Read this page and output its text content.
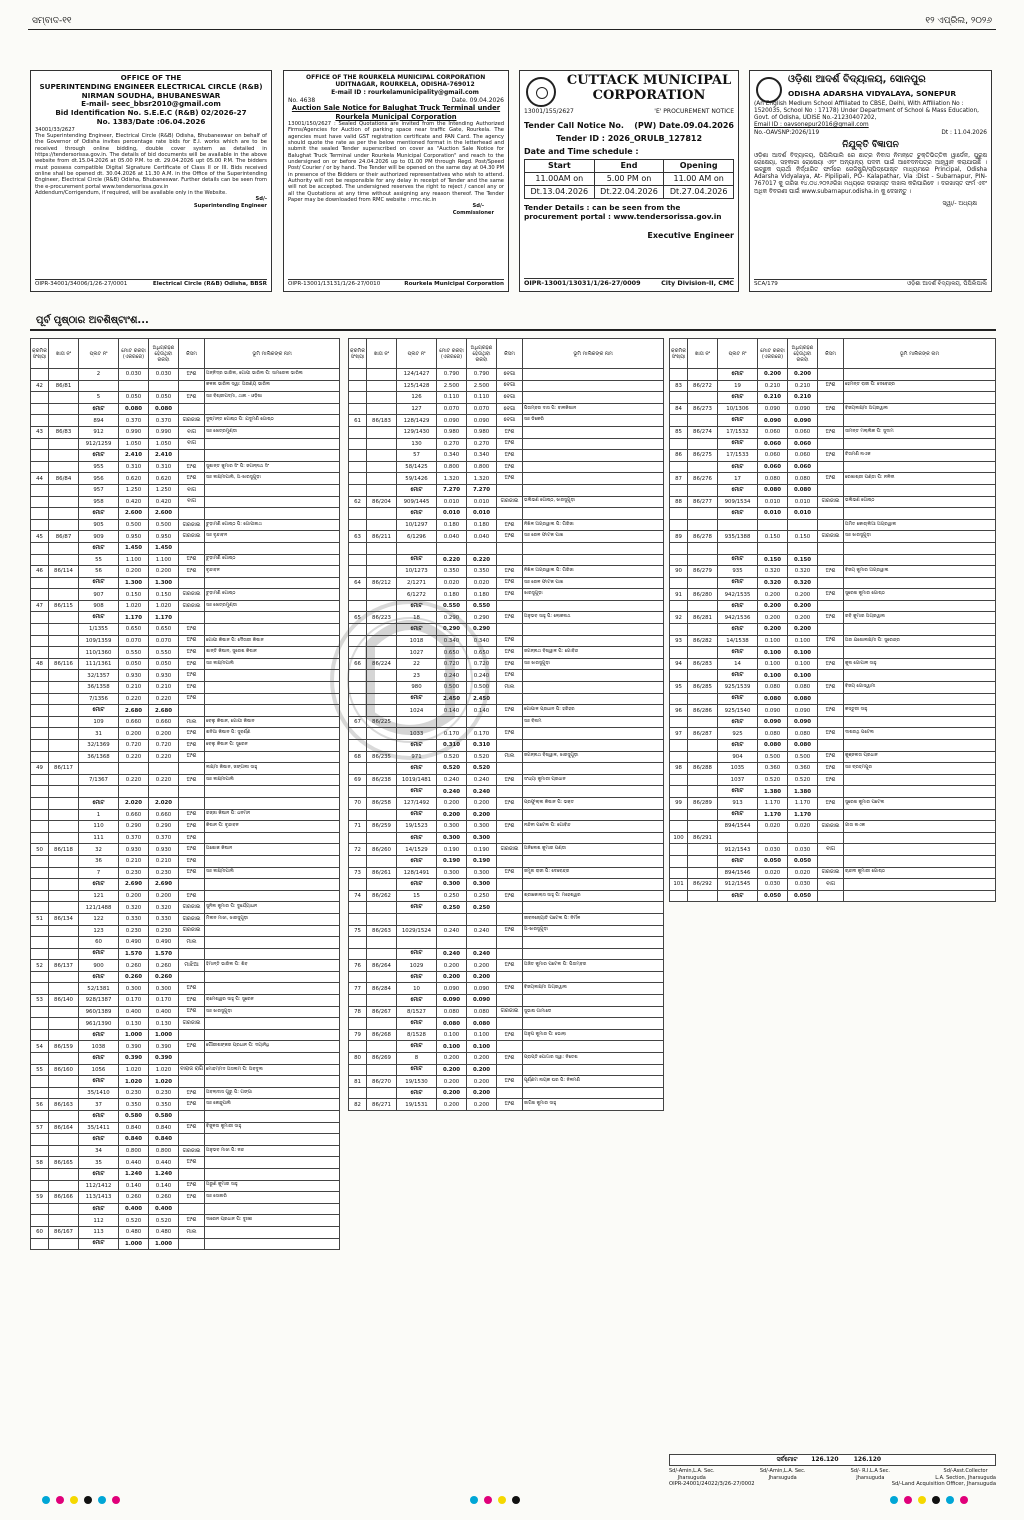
ସମ୍ବାଦ-୧୧	୧୨ ଏପ୍ରିଲ, ୨୦୨୬
OFFICE OF THE
SUPERINTENDING ENGINEER ELECTRICAL CIRCLE (R&B)
NIRMAN SOUDHA, BHUBANESWAR
E-mail- seec_bbsr2010@gmail.com
Bid Identification No. S.E.E.C (R&B) 02/2026-27
No. 1383/Date :06.04.2026
34001/33/2627
The Superintending Engineer, Electrical Circle (R&B) Odisha, Bhubaneswar on behalf of the Governor of Odisha invites percentage rate bids for E.I. works which are to be received through online bidding, double cover system as detailed in https://tendersorissa.gov.in. The details of bid documents will be available in the above website from dt.15.04.2026 at 05.00 P.M. to dt. 29.04.2026 upt 05.00 P.M. The bidders must possess compatible Digital Signature Certificate of Class II or III. Bids received online shall be opened dt. 30.04.2026 at 11.30 A.M. in the Office of the Superintending Engineer, Electrical Circle (R&B) Odisha, Bhubaneswar. Further details can be seen from the e-procurement portal www.tendersorissa.gov.in
Addendum/Corrigendum, if required, will be available only in the Website.
Sd/-
Superintending Engineer
OIPR-34001/34006/1/26-27/0001	Electrical Circle (R&B) Odisha, BBSR
OFFICE OF THE ROURKELA MUNICIPAL CORPORATION
UDITNAGAR, ROURKELA, ODISHA-769012
E-mail ID : rourkelamunicipality@gmail.com
No. 4638	Date. 09.04.2026
Auction Sale Notice for Balughat Truck Terminal under Rourkela Municipal Corporation
13001/150/2627 : Sealed Quotations are invited from the Intending Authorized Firms/Agencies for Auction of parking space near traffic Gate, Rourkela. The agencies must have valid GST registration certificate and PAN Card. The agency should quote the rate as per the below mentioned format in the letterhead and submit the sealed Tender superscribed on cover as "Auction Sale Notice for Balughat Truck Terminal under Rourkela Municipal Corporation" and reach to the undersigned on or before 24.04.2026 up to 01.00 PM through Regd. Post/Speed Post/ Courier / or by hand. The Tender will be opened on the same day at 04.30 PM in presence of the Bidders or their authorized representatives who wish to attend. Authority will not be responsible for any delay in receipt of Tender and the same will not be accepted. The undersigned reserves the right to reject / cancel any or all the Quotations at any time without assigning any reason thereof. The Tender Paper may be downloaded from RMC website : rmc.nic.in
Sd/-
Commissioner
OIPR-13001/13131/1/26-27/0010	Rourkela Municipal Corporation
CUTTACK MUNICIPAL
CORPORATION
13001/155/2627	'E' PROCUREMENT NOTICE
Tender Call Notice No. (PW) Date.09.04.2026
Tender ID : 2026_ORULB_127812
Date and Time schedule :
Start	End	Opening
11.00AM on	5.00 PM on	11.00 AM on
Dt.13.04.2026	Dt.22.04.2026	Dt.27.04.2026
Tender Details : can be seen from the procurement portal : www.tendersorissa.gov.in
Executive Engineer
OIPR-13001/13031/1/26-27/0009	City Division-II, CMC
ଓଡ଼ିଶା ଆଦର୍ଶ ବିଦ୍ୟାଳୟ, ସୋନପୁର
ODISHA ADARSHA VIDYALAYA, SONEPUR
(An English Medium School Affiliated to CBSE, Delhi, With Affiliation No : 1520035, School No : 17178) Under Department of School & Mass Education, Govt. of Odisha, UDISE No.-21230407202,
Email ID : oavsonepur2016@gmail.com
No.-OAVSNP:2026/119	Dt : 11.04.2026
ନିଯୁକ୍ତି ବିଜ୍ଞାପନ
ଓଡ଼ିଶା ଆଦର୍ଶ ବିଦ୍ୟାଳୟ, ପିପିଲିପାଲି ରେ ଛାତ୍ର ନିବାସ ନିମନ୍ତେ ଚୁକ୍ତିଭିତ୍ତିକ ୱାର୍ଡେନ, ପୁରୁଷ ରୋଷେୟା, ସହକାରୀ ରୋଷେୟା ଏବଂ ଅନ୍ୟାନ୍ୟ ପଦବୀ ପାଇଁ ଆବେଦନପତ୍ର ଆହ୍ୱାନ କରାଯାଉଛି । ଇଚ୍ଛୁକ ପ୍ରାର୍ଥୀ ନିର୍ଦ୍ଧାରିତ ଫର୍ମରେ ରେଜିଷ୍ଟ୍ରି/ସ୍ପିଡ୍‌ପୋଷ୍ଟ ମାଧ୍ୟମରେ Principal, Odisha Adarsha Vidyalaya, At- Pipilipali, PO- Kalapathar, Via :Dist - Subarnapur, PIN- 767017 କୁ ତାରିଖ ୧୪.୦୪.୨୦୨୬ରିଖ ମଧ୍ୟରେ ଦରଖାସ୍ତ ଦାଖଲ କରିପାରିବେ । ଦରଖାସ୍ତ ଫର୍ମ ଏବଂ ଅଧିକ ବିବରଣୀ ପାଇଁ www.subarnapur.odisha.in କୁ ଦେଖନ୍ତୁ ।
ସ୍ୱା/- ଅଧ୍ୟକ୍ଷ
SCA/179	ଓଡ଼ିଶା ଆଦର୍ଶ ବିଦ୍ୟାଳୟ, ପିପିଲିପାଲି
ପୂର୍ବ ପୃଷ୍ଠାର ଅବଶିଷ୍ଟାଂଶ...
କ୍ରମିକ ସଂଖ୍ୟା	ଖାତା ନଂ	ପ୍ଲଟ ନଂ	ମୋଟ ରକବା (ଏକରରେ)	ଅଧିଗ୍ରହଣ ହେଉଥିବା ରକବା	କିସମ	ଭୂମି ମାଲିକଙ୍କ ନାମ
		2	0.030	0.030	ଅଂଶ	ଅନ୍ନିଦ୍ର ଭାରିଲ, ଗୋପୀ ଭାରିଲ ପି: ସାମରେଲ ଭାରିଲ
42	86/81					କଳନା ଭାରିଲ ସ୍ୱା: ଅରଣ୍ୟ ଭାରିଲ
		5	0.050	0.050	ଅଂଶ	ସାଃ ବିଶ୍ରୀପଦ୍ମା, ଥାନା - ଓଡ଼ିଶା
		ମୋଟ	0.080	0.080		
		894	0.370	0.370	ଗରଜାଇ	ଦୁଷ୍ମନ୍ତ ଗୋଷ୍ଠ ପି: ଯଦୁମଣି ଗୋଷ୍ଠ
43	86/83	912	0.990	0.990	ବାଗ	ସାଃ ଖେତ୍ରମୁଣ୍ଡା
		912/1259	1.050	1.050	ବାଗ	
		ମୋଟ	2.410	2.410		
		955	0.310	0.310	ଅଂଶ	ସୁଶାନ୍ତ କୁମାର ସିଂ ପି: ଜଗନ୍ନାଥ ସିଂ
44	86/84	956	0.620	0.620	ଅଂଶ	ସାଃ ଲକ୍ଷ୍ମୀପାଲି, ଅ-ଝାରସୁଗୁଡ଼ା
		957	1.250	1.250	ବାଗ	
		958	0.420	0.420	ବାଗ	
		ମୋଟ	2.600	2.600		
		905	0.500	0.500	ଗରଜାଇ	ଚୁଡ଼ାମଣି ଗୋଷ୍ଠ ପି: ଗୋପୀନାଥ
45	86/87	909	0.950	0.950	ଗରଜାଇ	ସାଃ ବୃନ୍ଦାବନ
		ମୋଟ	1.450	1.450		
		55	1.100	1.100	ଅଂଶ	ଚୁଡ଼ାମଣି ଗୋଷ୍ଠ
46	86/114	56	0.200	0.200	ଅଂଶ	ବୃନ୍ଦାବନ
		ମୋଟ	1.300	1.300		
		907	0.150	0.150	ଗରଜାଇ	ଚୁଡ଼ାମଣି ଗୋଷ୍ଠ
47	86/115	908	1.020	1.020	ଗରଜାଇ	ସାଃ ଖେତ୍ରମୁଣ୍ଡା
		ମୋଟ	1.170	1.170		
		1/1355	0.650	0.650	ଅଂଶ	
		109/1359	0.070	0.070	ଅଂଶ	ଗୋପୀ କିଷାନ ପି: ଦୈତାରୀ କିଷାନ
		110/1360	0.550	0.550	ଅଂଶ	ଶାନ୍ତି କିଷାନ, ସୁରେଶ କିଷାନ
48	86/116	111/1361	0.050	0.050	ଅଂଶ	ସାଃ ଲକ୍ଷ୍ମୀପାଲି
		32/1357	0.930	0.930	ଅଂଶ	
		36/1358	0.210	0.210	ଅଂଶ	
		7/1356	0.220	0.220	ଅଂଶ	
		ମୋଟ	2.680	2.680		
		109	0.660	0.660	ମାଲ	ବେଲୁ କିଷାନ, ଗୋପୀ କିଷାନ
		31	0.200	0.200	ଅଂଶ	ଶନିଆ କିଷାନ ପି: ସୁବର୍ଣ୍ଣ
		32/1369	0.720	0.720	ଅଂଶ	ବେଲୁ କିଷାନ ପି: ସୁରେନ
		36/1368	0.220	0.220	ଅଂଶ	
49	86/117					ଲକ୍ଷ୍ମୀ କିଷାନ, ଜଙ୍ଗଲୀ ସାହୁ
		7/1367	0.220	0.220	ଅଂଶ	ସାଃ ଲକ୍ଷ୍ମୀପାଲି

		ମୋଟ	2.020	2.020		
		1	0.660	0.660	ଅଂଶ	ରଜ୍ଜା କିଷାନ ପି: ଧନମନ
		110	0.290	0.290	ଅଂଶ	କିଷାନ ପି: ବୃନ୍ଦାବନ
		111	0.370	0.370	ଅଂଶ	
50	86/118	32	0.930	0.930	ଅଂଶ	ଅଶୋକ କିଷାନ
		36	0.210	0.210	ଅଂଶ	
		7	0.230	0.230	ଅଂଶ	ସାଃ ଲକ୍ଷ୍ମୀପାଲି
		ମୋଟ	2.690	2.690		
		121	0.200	0.200	ଅଂଶ	
		121/1488	0.320	0.320	ଗରଜାଇ	ସୁନିଲ କୁମାର ପି: ଦୁର୍ଯ୍ୟୋଧନ
51	86/134	122	0.330	0.330	ଗରଜାଇ	ମିଲନ ମାଝୀ, ଝାରସୁଗୁଡ଼ା
		123	0.230	0.230	ଗରଜାଇ	
		60	0.490	0.490	ମାଲ	
		ମୋଟ	1.570	1.570		
52	86/137	900	0.260	0.260	ମାଝିଆ	ହିମାନ୍ତି ଭାରିଲ ପି: ଶିବ
		ମୋଟ	0.260	0.260		
		52/1381	0.300	0.300	ଅଂଶ	
53	86/140	928/1387	0.170	0.170	ଅଂଶ	ରାମେଶ୍ୱର ସାହୁ ପି: ସୁରେନ
		960/1389	0.400	0.400	ଅଂଶ	ସାଃ ଝାରସୁଗୁଡ଼ା
		961/1390	0.130	0.130	ଗରଜାଇ	
		ମୋଟ	1.000	1.000		
54	86/159	1038	0.390	0.390	ଅଂଶ	ଗୌରୀଶଙ୍କର ପ୍ରଧାନ ପି: ଦୟାନିଧି
		ମୋଟ	0.390	0.390		
55	86/160	1056	1.020	1.020	ବାରାଜ ରାଗି	ମୋହମ୍ମଦ ଅସଲମ ପି: ଅବଦୁଲ
		ମୋଟ	1.020	1.020		
		35/1410	0.230	0.230	ଅଂଶ	ଅବଲାଦାସ ଗୁରୁ ପି: ଗଙ୍ଗା
56	86/163	37	0.350	0.350	ଅଂଶ	ସାଃ କେନ୍ଦୁପାଲି
		ମୋଟ	0.580	0.580		
57	86/164	35/1411	0.840	0.840	ଅଂଶ	ବିଜୁଳତା କୁମାରୀ ସାହୁ
		ମୋଟ	0.840	0.840		
		34	0.800	0.800	ଗରଜାଇ	ଅନୁଭବ ମାଝୀ ପି: ନନ୍ଦ
58	86/165	35	0.440	0.440	ଅଂଶ	
		ମୋଟ	1.240	1.240		
		112/1412	0.140	0.140	ଅଂଶ	ଅରୁଣ କୁମାର ସାହୁ
59	86/166	113/1413	0.260	0.260	ଅଂଶ	ସାଃ ସୋନାରି
		ମୋଟ	0.400	0.400		
		112	0.520	0.520	ଅଂଶ	ଦାରେନ ପ୍ରଧାନ ପି: ଦୁଃଖୀ
60	86/167	113	0.480	0.480	ମାଲ	
		ମୋଟ	1.000	1.000		
କ୍ରମିକ ସଂଖ୍ୟା	ଖାତା ନଂ	ପ୍ଲଟ ନଂ	ମୋଟ ରକବା (ଏକରରେ)	ଅଧିଗ୍ରହଣ ହେଉଥିବା ରକବା	କିସମ	ଭୂମି ମାଲିକଙ୍କ ନାମ
		124/1427	0.790	0.790	ବେଗା	
		125/1428	2.500	2.500	ବେଗା	
		126	0.110	0.110	ବେଗା	
		127	0.070	0.070	ବେଗା	ପିତାମ୍ବର ଦାସ ପି: ବାଳକିଶାନ
61	86/183	128/1429	0.090	0.090	ବେଗା	ସାଃ ଡିକେରି
		129/1430	0.980	0.980	ଅଂଶ	
		130	0.270	0.270	ଅଂଶ	
		57	0.340	0.340	ଅଂଶ	
		58/1425	0.800	0.800	ଅଂଶ	
		59/1426	1.320	1.320	ଅଂଶ	
		ମୋଟ	7.270	7.270		
62	86/204	909/1445	0.010	0.010	ଗରଜାଇ	ଭଲିଭଣ ଗୋଷ୍ଠ, ଝାରସୁଗୁଡ଼ା
		ମୋଟ	0.010	0.010		
		10/1297	0.180	0.180	ଅଂଶ	ନିଖିଳ ଅଗ୍ରୱାଲ ପି: ଗିରିଜା
63	86/211	6/1296	0.040	0.040	ଅଂଶ	ସାଃ ରେଳ ଫାଟକ ପାଖ

		ମୋଟ	0.220	0.220		
		10/1273	0.350	0.350	ଅଂଶ	ନିଖିଳ ଅଗ୍ରୱାଲ ପି: ଗିରିଜା
64	86/212	2/1271	0.020	0.020	ଅଂଶ	ସାଃ ରେଳ ଫାଟକ ପାଖ
		6/1272	0.180	0.180	ଅଂଶ	ଝାରସୁଗୁଡ଼ା
		ମୋଟ	0.550	0.550		
65	86/223	18	0.290	0.290	ଅଂଶ	ଅନୁଭବ ସାହୁ ପି: ଲୋକନାଥ
		ମୋଟ	0.290	0.290		
		1018	0.340	0.340	ଅଂଶ	
		1027	0.650	0.650	ଅଂଶ	ଜଗନ୍ନାଥ ବିଶ୍ୱାଳ ପି: ଗୋବିନ୍ଦ
66	86/224	22	0.720	0.720	ଅଂଶ	ସାଃ ଝାରସୁଗୁଡ଼ା
		23	0.240	0.240	ଅଂଶ	
		980	0.500	0.500	ମାଲ	
		ମୋଟ	2.450	2.450		
		1024	0.140	0.140	ଅଂଶ	ଗୋପାଳ ପ୍ରଧାନ ପି: ହରିହର
67	86/225					ସାଃ ବିନାମ
		1033	0.170	0.170	ଅଂଶ	
		ମୋଟ	0.310	0.310		
68	86/235	971	0.520	0.520	ମାଲ	ଜଗନ୍ନାଥ ବିଶ୍ୱାଳ, ଝାରସୁଗୁଡ଼ା
		ମୋଟ	0.520	0.520		
69	86/238	1019/1481	0.240	0.240	ଅଂଶ	ସଂଧ୍ୟା କୁମାରୀ ପ୍ରଧାନ
		ମୋଟ	0.240	0.240		
70	86/258	127/1492	0.200	0.200	ଅଂଶ	ପ୍ରଫୁଲ୍ଲ କିଷାନ ପି: ଭକ୍ତ
		ମୋଟ	0.200	0.200		
71	86/259	19/1523	0.300	0.300	ଅଂଶ	ନନ୍ଦିନୀ ପଟେଲ ପି: ଗୋବିନ୍ଦ
		ମୋଟ	0.300	0.300		
72	86/260	14/1529	0.190	0.190	ଗରଜାଇ	ଅନିଲେଶ କୁମାର ପଣ୍ଡା
		ମୋଟ	0.190	0.190		
73	86/261	128/1491	0.300	0.300	ଅଂଶ	ଜମୁନା ରାଜୀ ପି: ଦେବେନ୍ଦ୍ର
		ମୋଟ	0.300	0.300		
74	86/262	15	0.250	0.250	ଅଂଶ	ଶ୍ରୀକୋଲାସ ସାହୁ ପି: ମହେଶ୍ୱର
		ମୋଟ	0.250	0.250		
						ଜୀବନଜ୍ୟୋତି ପଟେଲ ପି: ନିର୍ମଳ
75	86/263	1029/1524	0.240	0.240	ଅଂଶ	ଅ-ଝାରସୁଗୁଡ଼ା

		ମୋଟ	0.240	0.240		
76	86/264	1029	0.200	0.200	ଅଂଶ	ଅଜିତ କୁମାର ପଟେଲ ପି: ପିତାମ୍ବର
		ମୋଟ	0.200	0.200		
77	86/284	10	0.090	0.090	ଅଂଶ	ବିଜୟଲକ୍ଷ୍ମୀ ଅଗ୍ରୱାଲ
		ମୋଟ	0.090	0.090		
78	86/267	8/1527	0.080	0.080	ଗରଜାଇ	ସୁଭାଷ ଗାମାଡେ
		ମୋଟ	0.080	0.080		
79	86/268	8/1528	0.100	0.100	ଅଂଶ	ଅନୁପ କୁମାର ପି: ଭୋଲା
		ମୋଟ	0.100	0.100		
80	86/269	8	0.200	0.200	ଅଂଶ	ପ୍ରାପ୍ତି ପୋଦ୍ଦାର ସ୍ୱା: ନିତେଶ
		ମୋଟ	0.200	0.200		
81	86/270	19/1530	0.200	0.200	ଅଂଶ	ପୂର୍ଣ୍ଣମ ନାୟକ ଘର ପି: ନିଳମଣି
		ମୋଟ	0.200	0.200		
82	86/271	19/1531	0.200	0.200	ଅଂଶ	ଜାଗିଶ କୁମାର ସାହୁ
କ୍ରମିକ ସଂଖ୍ୟା	ଖାତା ନଂ	ପ୍ଲଟ ନଂ	ମୋଟ ରକବା (ଏକରରେ)	ଅଧିଗ୍ରହଣ ହେଉଥିବା ରକବା	କିସମ	ଭୂମି ମାଲିକଙ୍କ ନାମ
		ମୋଟ	0.200	0.200		
83	86/272	19	0.210	0.210	ଅଂଶ	ହେମନ୍ତ ରାଜୀ ପି: ଦେବେନ୍ଦ୍ର
		ମୋଟ	0.210	0.210		
84	86/273	10/1306	0.090	0.090	ଅଂଶ	ବିଜୟଲକ୍ଷ୍ମୀ ଅଗ୍ରୱାଲ
		ମୋଟ	0.090	0.090		
85	86/274	17/1532	0.060	0.060	ଅଂଶ	ସୀମନ୍ତ ମଲ୍ଲିକ ପି: ସୁଦାମ
		ମୋଟ	0.060	0.060		
86	86/275	17/1533	0.060	0.060	ଅଂଶ	ଚିତାମଣି ନାଏକ
		ମୋଟ	0.060	0.060		
87	86/276	17	0.080	0.080	ଅଂଶ	ରେଖାଶ୍ରୀ ପଣ୍ଡା ପି: ନଳିନୀ
		ମୋଟ	0.080	0.080		
88	86/277	909/1534	0.010	0.010	ଗରଜାଇ	ଭଲିଭଣ ଗୋଷ୍ଠ
		ମୋଟ	0.010	0.010		
						ଅମିତ କୋଚାଲିଆ ଅଗ୍ରୱାଲ
89	86/278	935/1388	0.150	0.150	ଗରଜାଇ	ସାଃ ଝାରସୁଗୁଡ଼ା

		ମୋଟ	0.150	0.150		
90	86/279	935	0.320	0.320	ଅଂଶ	ବିଜୟ କୁମାର ଅଗ୍ରୱାଲ
		ମୋଟ	0.320	0.320		
91	86/280	942/1535	0.200	0.200	ଅଂଶ	ସୁରେଶ କୁମାର ଗୋଷ୍ଠ
		ମୋଟ	0.200	0.200		
92	86/281	942/1536	0.200	0.200	ଅଂଶ	ରବି କୁମାର ଅଗ୍ରୱାଲ
		ମୋଟ	0.200	0.200		
93	86/282	14/1538	0.100	0.100	ଅଂଶ	ଅର ଯଶୋଲକ୍ଷ୍ମୀ ପି: ସୁରେନ୍ଦ୍ର
		ମୋଟ	0.100	0.100		
94	86/283	14	0.100	0.100	ଅଂଶ	କୁନା ଗୋପାଳ ସାହୁ
		ମୋଟ	0.100	0.100		
95	86/285	925/1539	0.080	0.080	ଅଂଶ	ବିଜୟ ଗୋସ୍ୱାମୀ
		ମୋଟ	0.080	0.080		
96	86/286	925/1540	0.090	0.090	ଅଂଶ	କସ୍ତୁରୀ ସାହୁ
		ମୋଟ	0.090	0.090		
97	86/287	925	0.080	0.080	ଅଂଶ	ଦାଶରଥି ପଟେଲ
		ମୋଟ	0.080	0.080		
		904	0.500	0.500	ଅଂଶ	କୁଞ୍ଜଲତା ପ୍ରଧାନ
98	86/288	1035	0.360	0.360	ଅଂଶ	ସାଃ ବ୍ରହ୍ମପୁର
		1037	0.520	0.520	ଅଂଶ	
		ମୋଟ	1.380	1.380		
99	86/289	913	1.170	1.170	ଅଂଶ	ସୁରେଶ କୁମାର ପଟେଲ
		ମୋଟ	1.170	1.170		
		894/1544	0.020	0.020	ଗରଜାଇ	ଗୀତା ନାଏକ
100	86/291					
		912/1543	0.030	0.030	ବାଗ	
		ମୋଟ	0.050	0.050		
		894/1546	0.020	0.020	ଗରଜାଇ	ଚାନ୍ଦନୀ କୁମାରୀ ଗୋଷ୍ଠ
101	86/292	912/1545	0.030	0.030	ବାଗ	
		ମୋଟ	0.050	0.050		
ସର୍ବମୋଟ	126.120	126.120
Sd/-Amin,L.A. Sec.
Jharsuguda
Sd/-Amin,L.A. Sec.
Jharsuguda
Sd/- R.I.L.A Sec.
Jharsuguda
Sd/-Asst.Collector
L.A. Section, Jharsuguda
OIPR-24001/24022/3/26-27/0002	Sd/-Land Acquisition Officer, Jharsuguda
